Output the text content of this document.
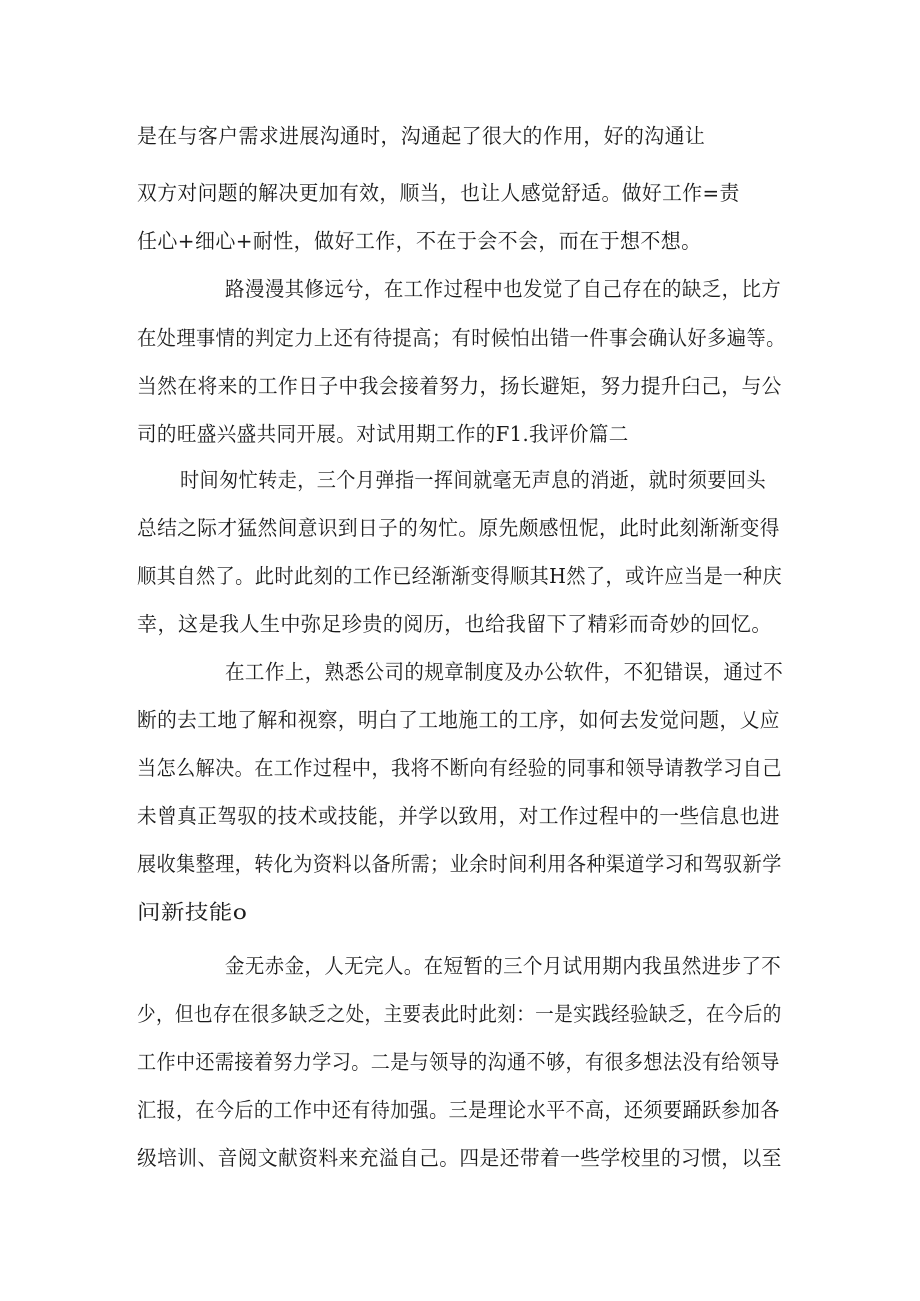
是在与客户需求进展沟通时，沟通起了很大的作用，好的沟通让
双方对问题的解决更加有效，顺当，也让人感觉舒适。做好工作=责
任心+细心+耐性，做好工作，不在于会不会，而在于想不想。
路漫漫其修远兮，在工作过程中也发觉了自己存在的缺乏，比方
在处理事情的判定力上还有待提高；有时候怕出错一件事会确认好多遍等。
当然在将来的工作日子中我会接着努力，扬长避矩，努力提升臼己，与公
司的旺盛兴盛共同开展。对试用期工作的F1.我评价篇二
时间匆忙转走，三个月弹指一挥间就毫无声息的消逝，就时须要回头
总结之际才猛然间意识到日子的匆忙。原先颇感忸怩，此时此刻渐渐变得
顺其自然了。此时此刻的工作已经渐渐变得顺其H然了，或许应当是一种庆
幸，这是我人生中弥足珍贵的阅历，也给我留下了精彩而奇妙的回忆。
在工作上，熟悉公司的规章制度及办公软件，不犯错误，通过不
断的去工地了解和视察，明白了工地施工的工序，如何去发觉问题，乂应
当怎么解决。在工作过程中，我将不断向有经验的同事和领导请教学习自己
未曾真正驾驭的技术或技能，并学以致用，对工作过程中的一些信息也进
展收集整理，转化为资料以备所需；业余时间利用各种渠道学习和驾驭新学
问新技能o
金无赤金，人无完人。在短暂的三个月试用期内我虽然进步了不
少，但也存在很多缺乏之处，主要表此时此刻：一是实践经验缺乏，在今后的
工作中还需接着努力学习。二是与领导的沟通不够，有很多想法没有给领导
汇报，在今后的工作中还有待加强。三是理论水平不高，还须要踊跃参加各
级培训、音阅文献资料来充溢自己。四是还带着一些学校里的习惯，以至
